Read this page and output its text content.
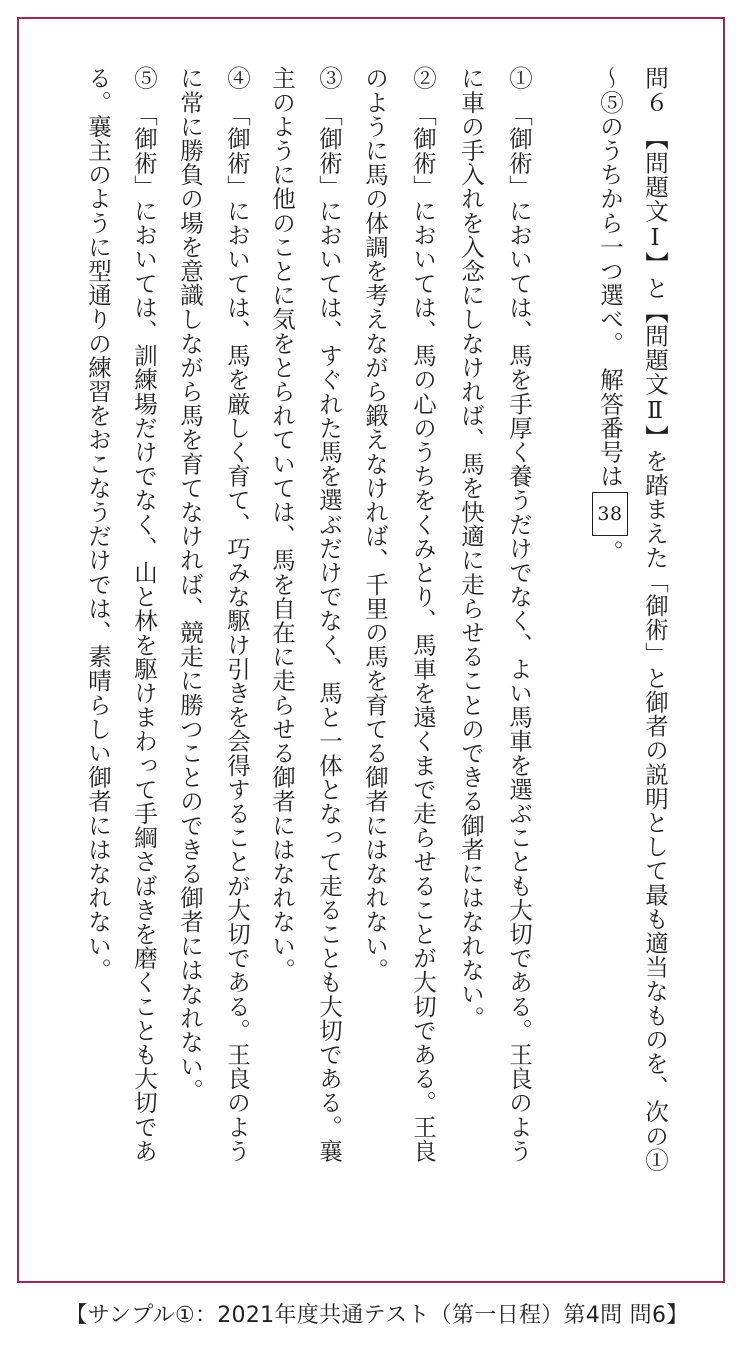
問６　【問題文Ⅰ】と【問題文Ⅱ】を踏まえた「御術」と御者の説明として最も適当なものを、次の①

〜⑤のうちから一つ選べ。　解答番号は38。

①　「御術」においては、馬を手厚く養うだけでなく、よい馬車を選ぶことも大切である。王良のよう

に車の手入れを入念にしなければ、馬を快適に走らせることのできる御者にはなれない。

②　「御術」においては、馬の心のうちをくみとり、馬車を遠くまで走らせることが大切である。王良

のように馬の体調を考えながら鍛えなければ、千里の馬を育てる御者にはなれない。

③　「御術」においては、すぐれた馬を選ぶだけでなく、馬と一体となって走ることも大切である。襄

主のように他のことに気をとられていては、馬を自在に走らせる御者にはなれない。

④　「御術」においては、馬を厳しく育て、巧みな駆け引きを会得することが大切である。王良のよう

に常に勝負の場を意識しながら馬を育てなければ、競走に勝つことのできる御者にはなれない。

⑤　「御術」においては、訓練場だけでなく、山と林を駆けまわって手綱さばきを磨くことも大切であ

る。襄主のように型通りの練習をおこなうだけでは、素晴らしい御者にはなれない。

【サンプル①：2021年度共通テスト（第一日程）第4問 問6】
